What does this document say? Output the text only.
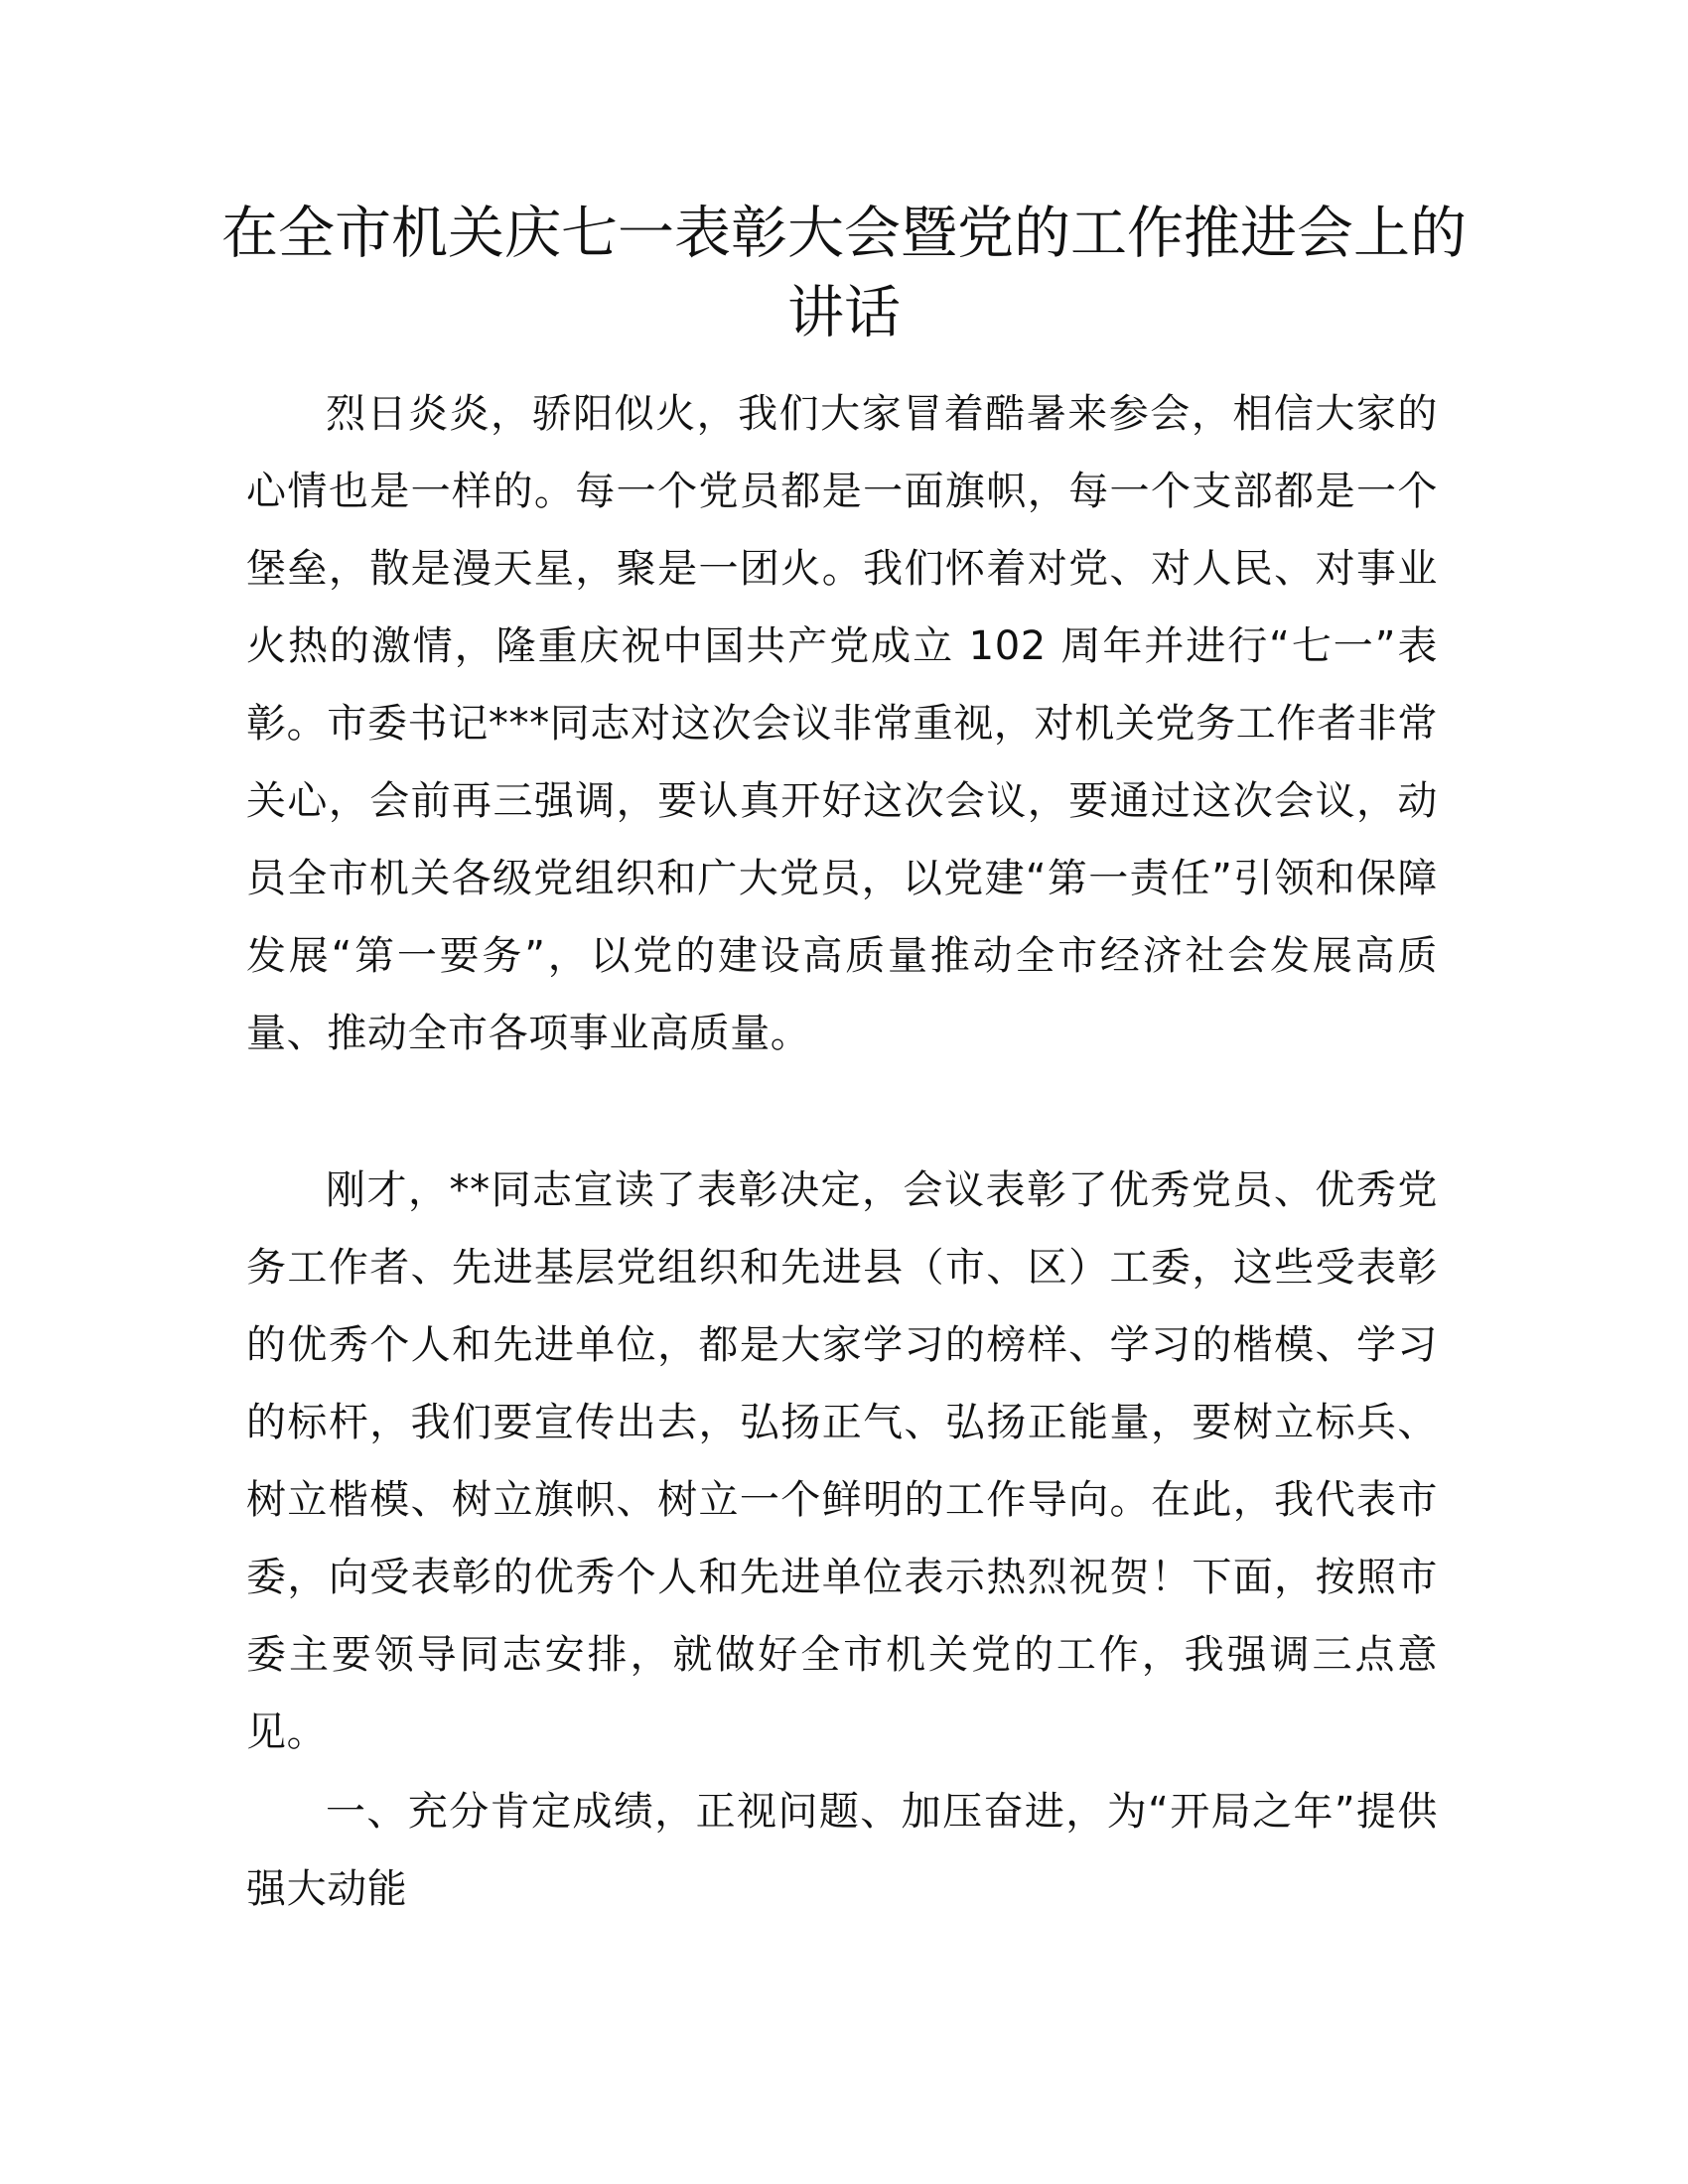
在全市机关庆七一表彰大会暨党的工作推进会上的讲话

烈日炎炎，骄阳似火，我们大家冒着酷暑来参会，相信大家的心情也是一样的。每一个党员都是一面旗帜，每一个支部都是一个堡垒，散是漫天星，聚是一团火。我们怀着对党、对人民、对事业火热的激情，隆重庆祝中国共产党成立 102 周年并进行“七一”表彰。市委书记***同志对这次会议非常重视，对机关党务工作者非常关心，会前再三强调，要认真开好这次会议，要通过这次会议，动员全市机关各级党组织和广大党员，以党建“第一责任”引领和保障发展“第一要务”，以党的建设高质量推动全市经济社会发展高质量、推动全市各项事业高质量。

刚才，**同志宣读了表彰决定，会议表彰了优秀党员、优秀党务工作者、先进基层党组织和先进县（市、区）工委，这些受表彰的优秀个人和先进单位，都是大家学习的榜样、学习的楷模、学习的标杆，我们要宣传出去，弘扬正气、弘扬正能量，要树立标兵、树立楷模、树立旗帜、树立一个鲜明的工作导向。在此，我代表市委，向受表彰的优秀个人和先进单位表示热烈祝贺！下面，按照市委主要领导同志安排，就做好全市机关党的工作，我强调三点意见。

一、充分肯定成绩，正视问题、加压奋进，为“开局之年”提供强大动能
